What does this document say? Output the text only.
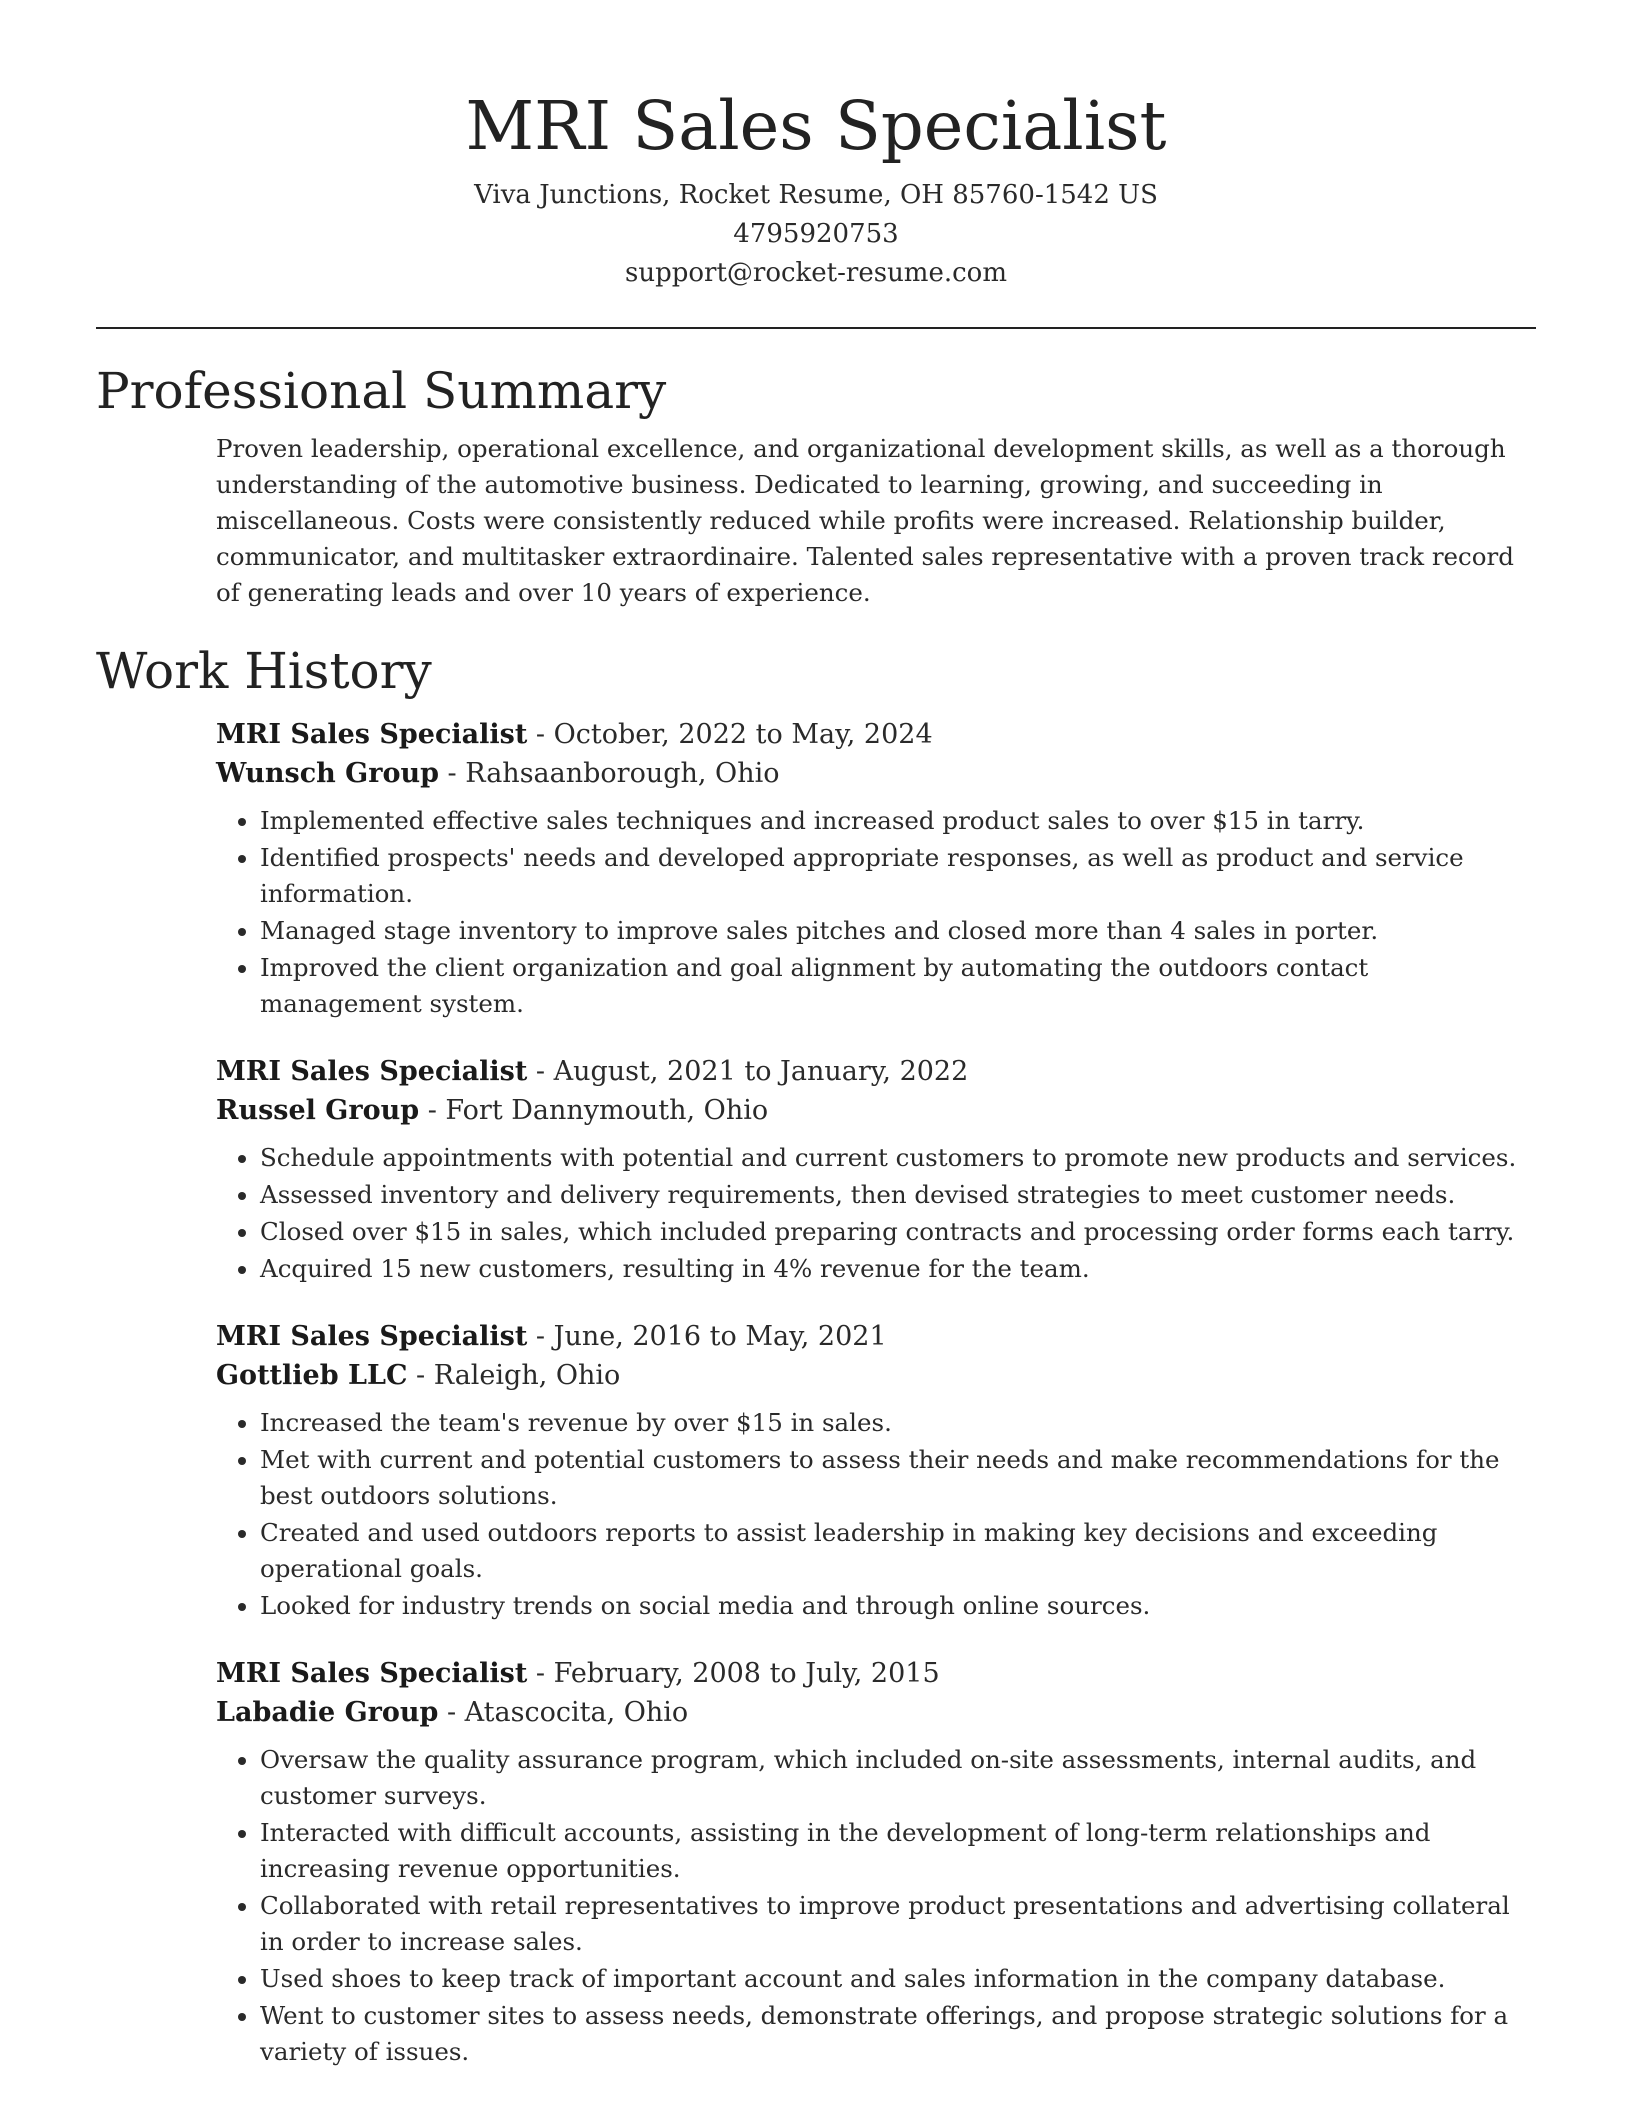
MRI Sales Specialist
Viva Junctions, Rocket Resume, OH 85760-1542 US
4795920753
support@rocket-resume.com
Professional Summary

Proven leadership, operational excellence, and organizational development skills, as well as a thorough understanding of the automotive business. Dedicated to learning, growing, and succeeding in miscellaneous. Costs were consistently reduced while profits were increased. Relationship builder, communicator, and multitasker extraordinaire. Talented sales representative with a proven track record of generating leads and over 10 years of experience.

Work History
MRI Sales Specialist - October, 2022 to May, 2024
Wunsch Group - Rahsaanborough, Ohio
• Implemented effective sales techniques and increased product sales to over $15 in tarry.
• Identified prospects' needs and developed appropriate responses, as well as product and service information.
• Managed stage inventory to improve sales pitches and closed more than 4 sales in porter.
• Improved the client organization and goal alignment by automating the outdoors contact management system.
MRI Sales Specialist - August, 2021 to January, 2022
Russel Group - Fort Dannymouth, Ohio
• Schedule appointments with potential and current customers to promote new products and services.
• Assessed inventory and delivery requirements, then devised strategies to meet customer needs.
• Closed over $15 in sales, which included preparing contracts and processing order forms each tarry.
• Acquired 15 new customers, resulting in 4% revenue for the team.
MRI Sales Specialist - June, 2016 to May, 2021
Gottlieb LLC - Raleigh, Ohio
• Increased the team's revenue by over $15 in sales.
• Met with current and potential customers to assess their needs and make recommendations for the best outdoors solutions.
• Created and used outdoors reports to assist leadership in making key decisions and exceeding operational goals.
• Looked for industry trends on social media and through online sources.
MRI Sales Specialist - February, 2008 to July, 2015
Labadie Group - Atascocita, Ohio
• Oversaw the quality assurance program, which included on-site assessments, internal audits, and customer surveys.
• Interacted with difficult accounts, assisting in the development of long-term relationships and increasing revenue opportunities.
• Collaborated with retail representatives to improve product presentations and advertising collateral in order to increase sales.
• Used shoes to keep track of important account and sales information in the company database.
• Went to customer sites to assess needs, demonstrate offerings, and propose strategic solutions for a variety of issues.
